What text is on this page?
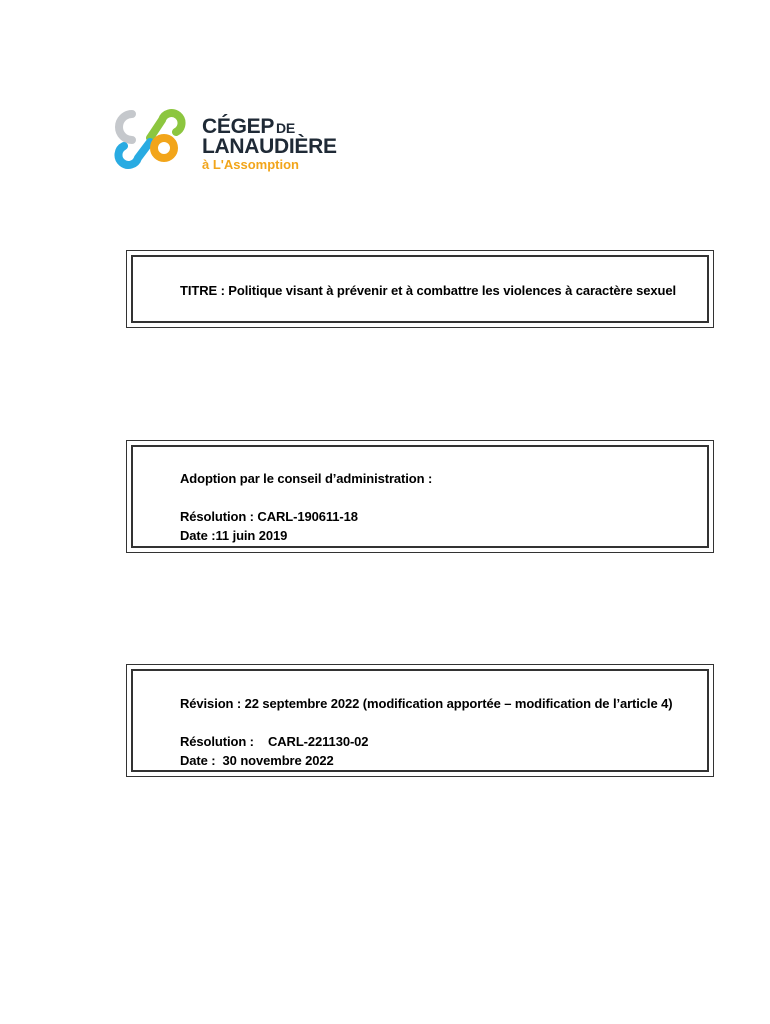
CÉGEP DE
LANAUDIÈRE
à L'Assomption
TITRE : Politique visant à prévenir et à combattre les violences à caractère sexuel
Adoption par le conseil d’administration :
Résolution : CARL-190611-18
Date :11 juin 2019
Révision : 22 septembre 2022 (modification apportée – modification de l’article 4)
Résolution :    CARL-221130-02
Date :  30 novembre 2022
